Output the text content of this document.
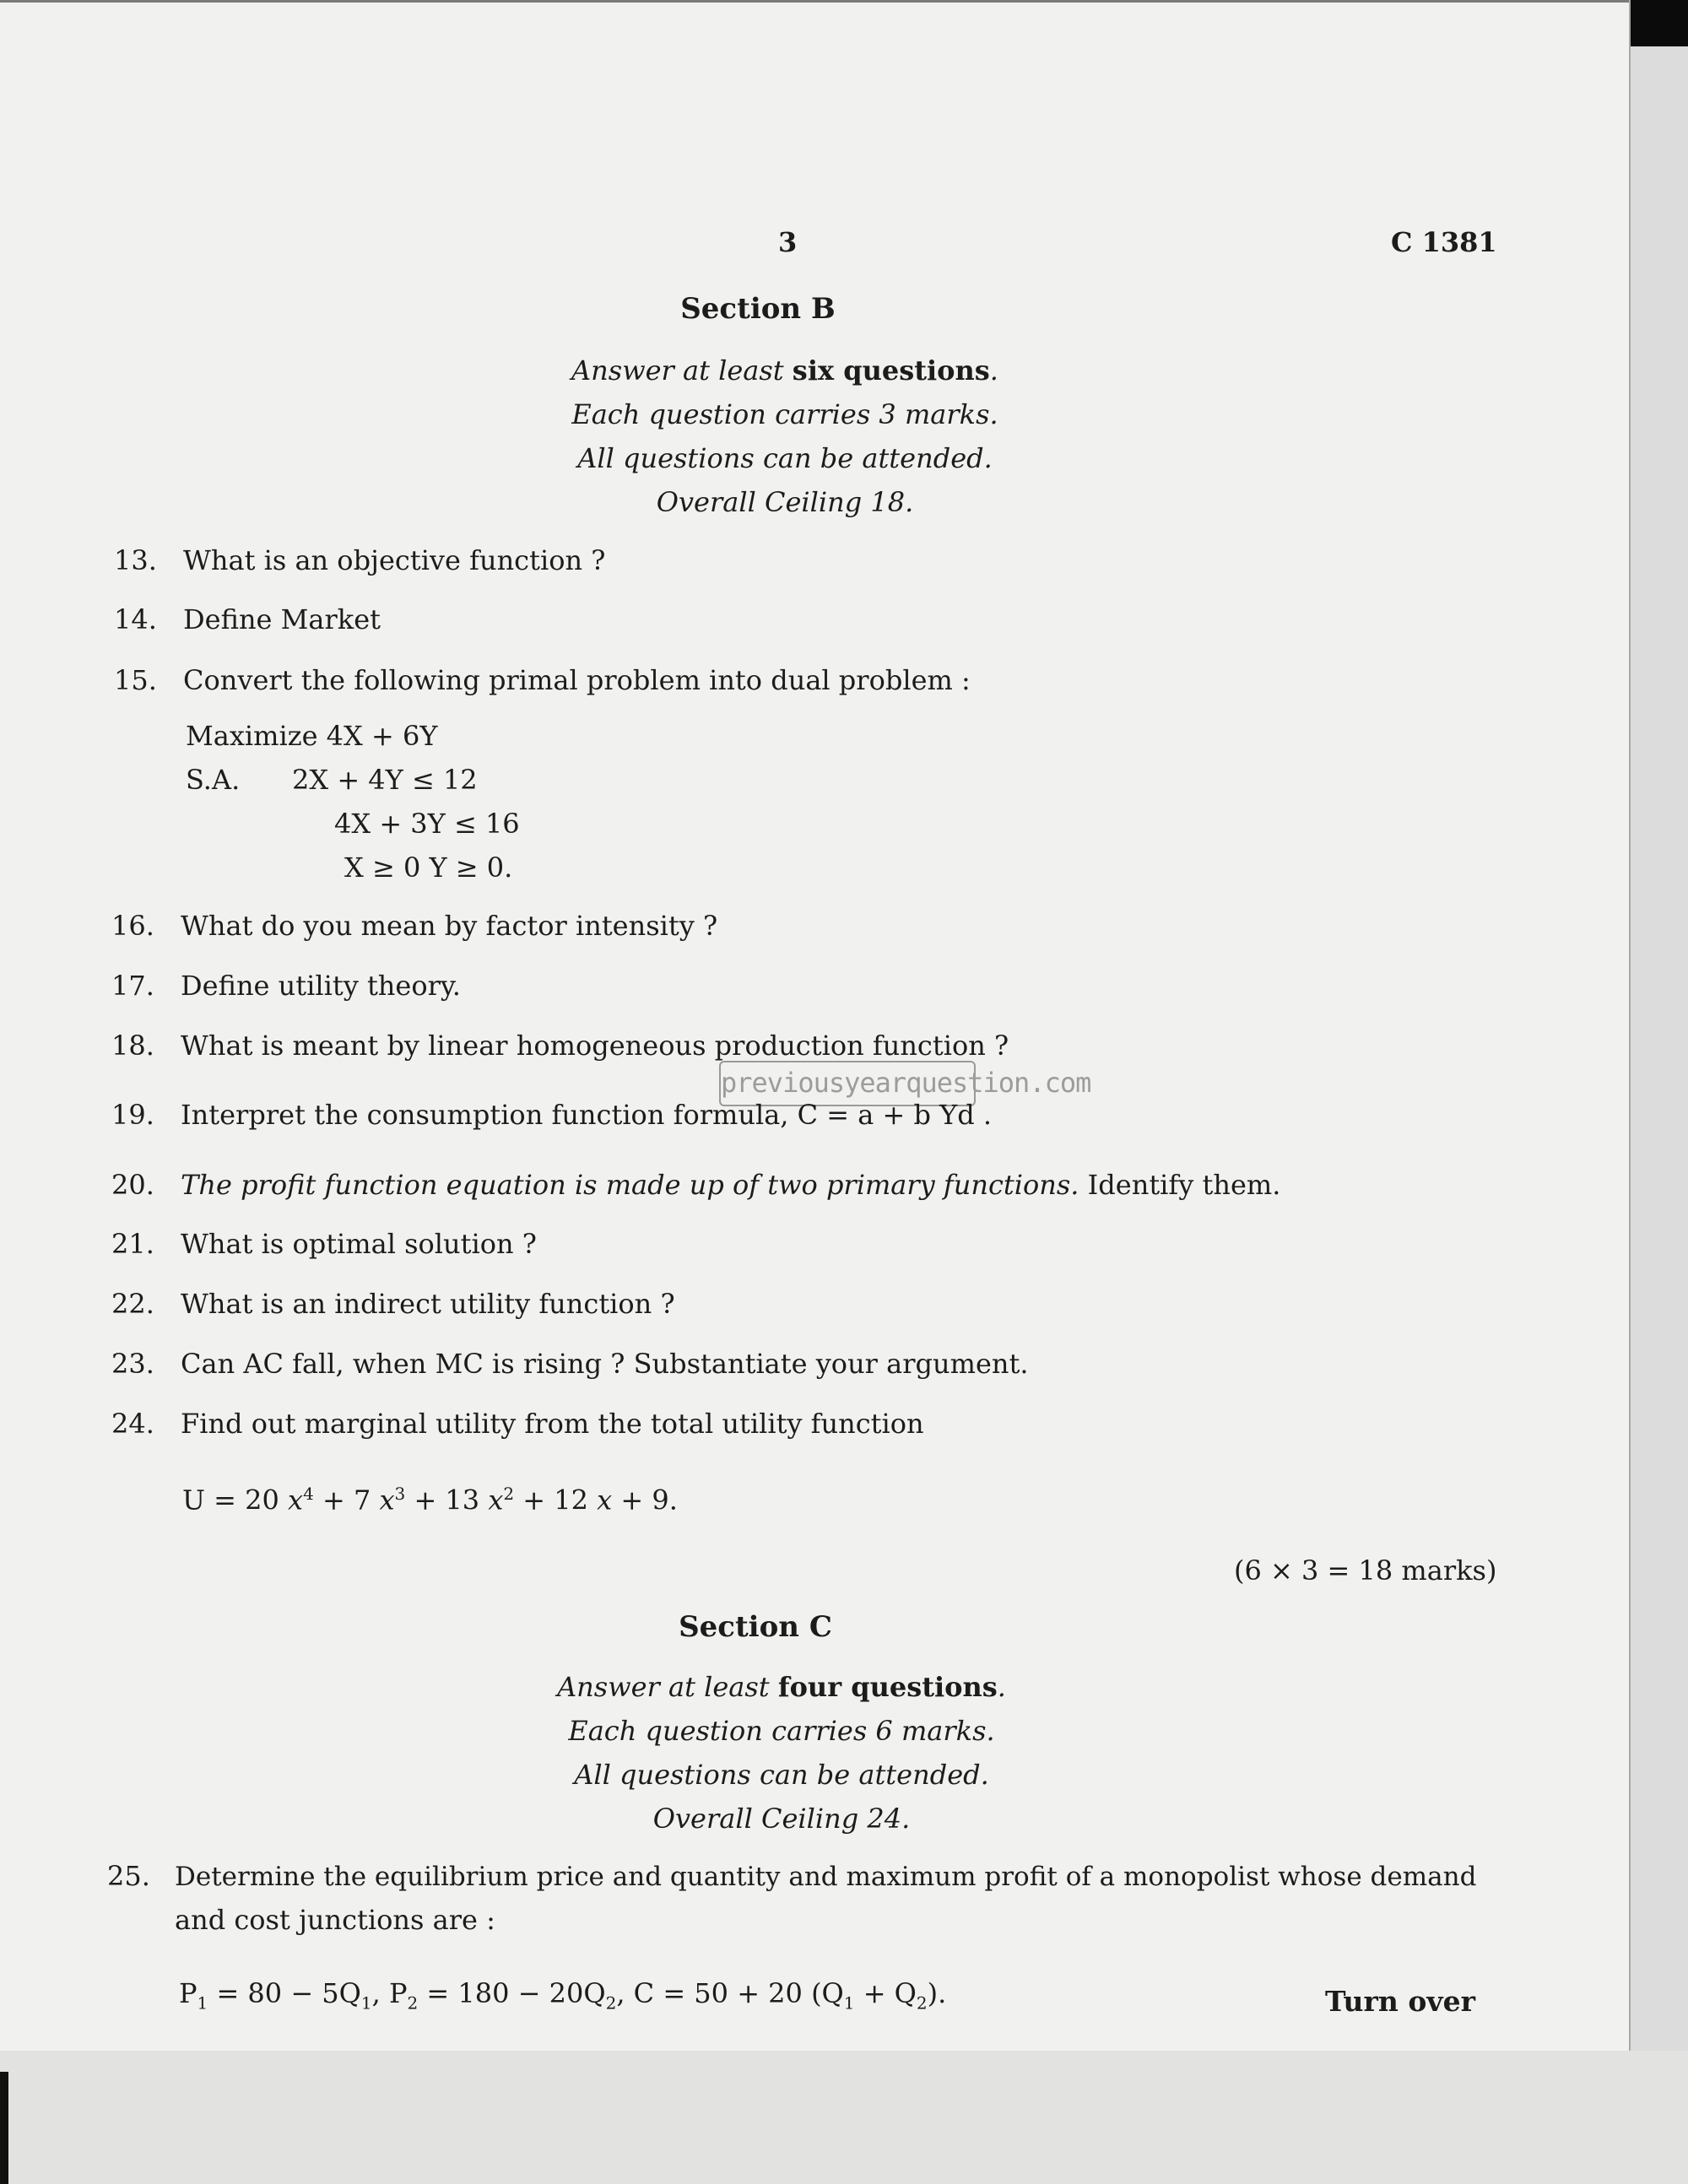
3	C 1381
Section B
Answer at least six questions.
Each question carries 3 marks.
All questions can be attended.
Overall Ceiling 18.
13. What is an objective function ?
14. Define Market
15. Convert the following primal problem into dual problem :
Maximize 4X + 6Y
S.A. 2X + 4Y ≤ 12
4X + 3Y ≤ 16
X ≥ 0 Y ≥ 0.
16. What do you mean by factor intensity ?
17. Define utility theory.
18. What is meant by linear homogeneous production function ?
previousyearquestion.com
19. Interpret the consumption function formula, C = a + b Yd .
20. The profit function equation is made up of two primary functions. Identify them.
21. What is optimal solution ?
22. What is an indirect utility function ?
23. Can AC fall, when MC is rising ? Substantiate your argument.
24. Find out marginal utility from the total utility function
U = 20 $x^4 + 7$ $x^3 + 13$ $x^2 + 12$ x + 9.
(6 × 3 = 18 marks)
Section C
Answer at least four questions.
Each question carries 6 marks.
All questions can be attended.
Overall Ceiling 24.
25. Determine the equilibrium price and quantity and maximum profit of a monopolist whose demand
and cost junctions are :
$P_1 = 80 - 5Q_1$, $P_2 = 180 - 20Q_2$, C = 50 + 20 $(Q_1 + Q_2)$.	Turn over
